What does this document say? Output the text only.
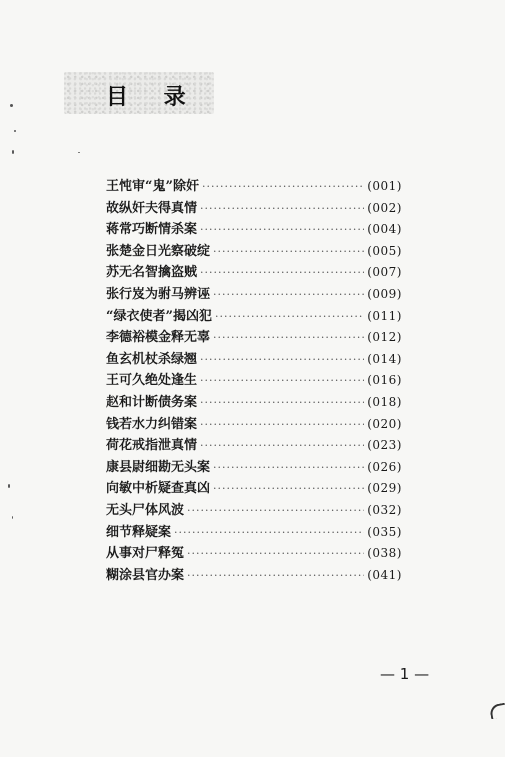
目 录
王忳审“鬼”除奸 ·····	(001)
故纵奸夫得真情 ·····	(002)
蒋常巧断情杀案 ·····	(004)
张楚金日光察破绽 ·····	(005)
苏无名智擒盗贼 ·····	(007)
张行岌为驸马辨诬 ·····	(009)
“绿衣使者”揭凶犯 ·····	(011)
李德裕模金释无辜 ·····	(012)
鱼玄机杖杀绿翘 ·····	(014)
王可久绝处逢生 ·····	(016)
赵和计断债务案 ·····	(018)
钱若水力纠错案 ·····	(020)
荷花戒指泄真情 ·····	(023)
康县尉细勘无头案 ·····	(026)
向敏中析疑查真凶 ·····	(029)
无头尸体风波 ·····	(032)
细节释疑案 ·····	(035)
从事对尸释冤 ·····	(038)
糊涂县官办案 ·····	(041)
— 1 —
